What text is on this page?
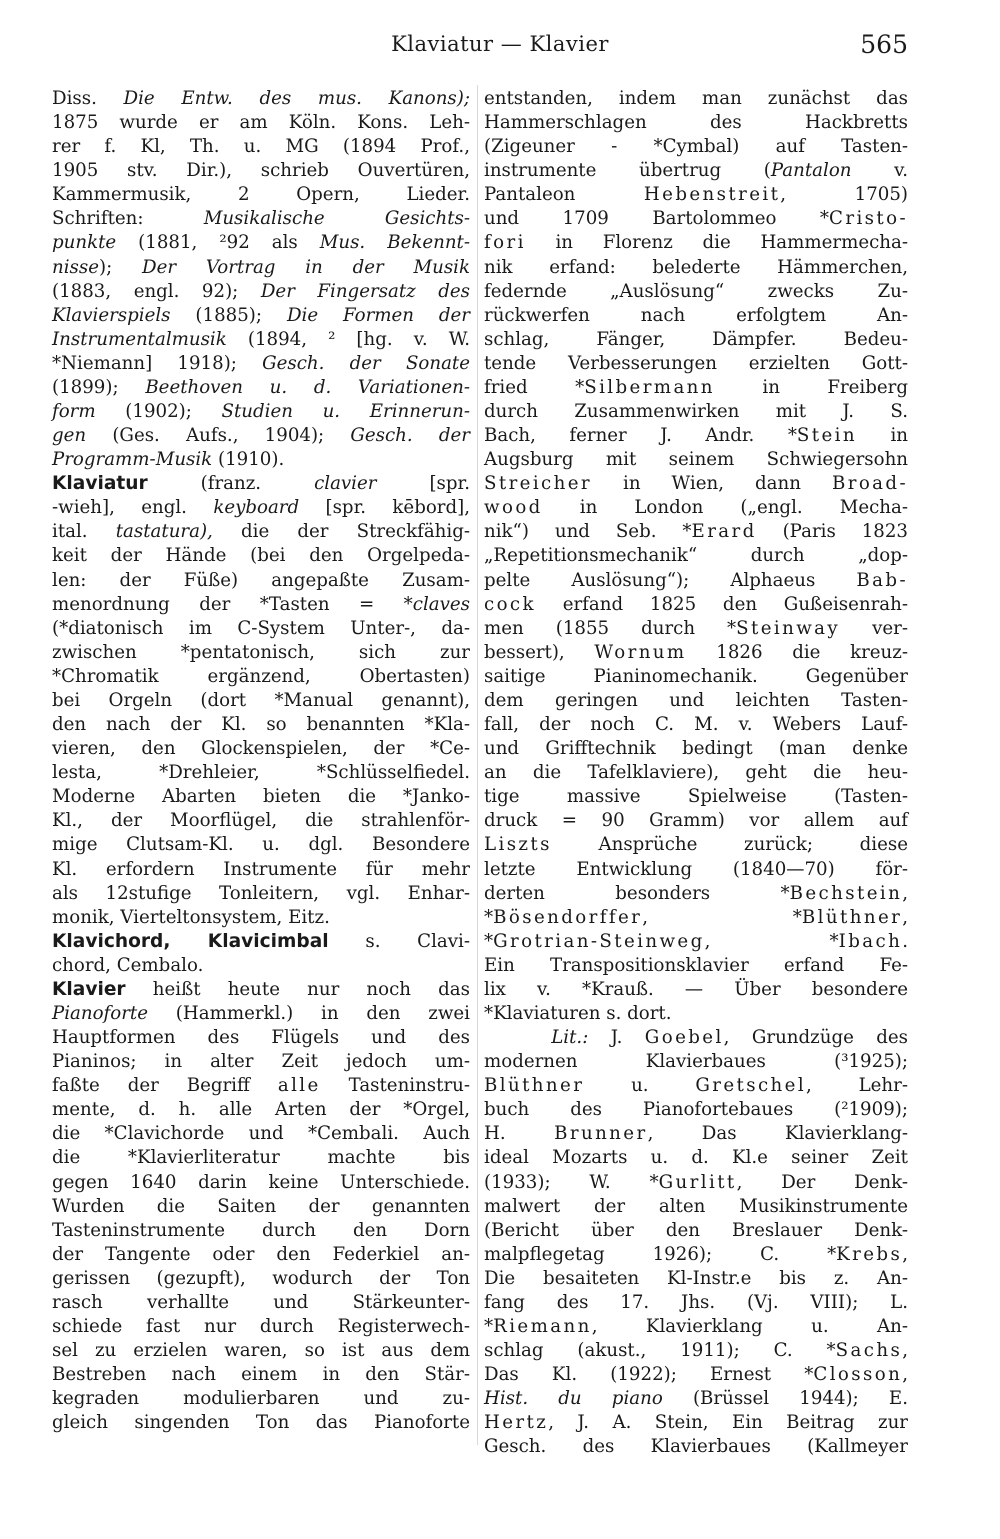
Klaviatur — Klavier	565
Diss. Die Entw. des mus. Kanons);
1875 wurde er am Köln. Kons. Leh-
rer f. Kl, Th. u. MG (1894 Prof.,
1905 stv. Dir.), schrieb Ouvertüren,
Kammermusik, 2 Opern, Lieder.
Schriften: Musikalische Gesichts-
punkte (1881, ²92 als Mus. Bekennt-
nisse); Der Vortrag in der Musik
(1883, engl. 92); Der Fingersatz des
Klavierspiels (1885); Die Formen der
Instrumentalmusik (1894, ² [hg. v. W.
*Niemann] 1918); Gesch. der Sonate
(1899); Beethoven u. d. Variationen-
form (1902); Studien u. Erinnerun-
gen (Ges. Aufs., 1904); Gesch. der
Programm-Musik (1910).
Klaviatur (franz. clavier [spr.
-wieh], engl. keyboard [spr. kēbord],
ital. tastatura), die der Streckfähig-
keit der Hände (bei den Orgelpeda-
len: der Füße) angepaßte Zusam-
menordnung der *Tasten = *claves
(*diatonisch im C-System Unter-, da-
zwischen *pentatonisch, sich zur
*Chromatik ergänzend, Obertasten)
bei Orgeln (dort *Manual genannt),
den nach der Kl. so benannten *Kla-
vieren, den Glockenspielen, der *Ce-
lesta, *Drehleier, *Schlüsselfiedel.
Moderne Abarten bieten die *Janko-
Kl., der Moorflügel, die strahlenför-
mige Clutsam-Kl. u. dgl. Besondere
Kl. erfordern Instrumente für mehr
als 12stufige Tonleitern, vgl. Enhar-
monik, Vierteltonsystem, Eitz.
Klavichord, Klavicimbal s. Clavi-
chord, Cembalo.
Klavier heißt heute nur noch das
Pianoforte (Hammerkl.) in den zwei
Hauptformen des Flügels und des
Pianinos; in alter Zeit jedoch um-
faßte der Begriff alle Tasteninstru-
mente, d. h. alle Arten der *Orgel,
die *Clavichorde und *Cembali. Auch
die *Klavierliteratur machte bis
gegen 1640 darin keine Unterschiede.
Wurden die Saiten der genannten
Tasteninstrumente durch den Dorn
der Tangente oder den Federkiel an-
gerissen (gezupft), wodurch der Ton
rasch verhallte und Stärkeunter-
schiede fast nur durch Registerwech-
sel zu erzielen waren, so ist aus dem
Bestreben nach einem in den Stär-
kegraden modulierbaren und zu-
gleich singenden Ton das Pianoforte
entstanden, indem man zunächst das
Hammerschlagen des Hackbretts
(Zigeuner - *Cymbal) auf Tasten-
instrumente übertrug (Pantalon v.
Pantaleon Hebenstreit, 1705)
und 1709 Bartolommeo *Cristo-
fori in Florenz die Hammermecha-
nik erfand: belederte Hämmerchen,
federnde „Auslösung“ zwecks Zu-
rückwerfen nach erfolgtem An-
schlag, Fänger, Dämpfer. Bedeu-
tende Verbesserungen erzielten Gott-
fried *Silbermann in Freiberg
durch Zusammenwirken mit J. S.
Bach, ferner J. Andr. *Stein in
Augsburg mit seinem Schwiegersohn
Streicher in Wien, dann Broad-
wood in London („engl. Mecha-
nik“) und Seb. *Erard (Paris 1823
„Repetitionsmechanik“ durch „dop-
pelte Auslösung“); Alphaeus Bab-
cock erfand 1825 den Gußeisenrah-
men (1855 durch *Steinway ver-
bessert), Wornum 1826 die kreuz-
saitige Pianinomechanik. Gegenüber
dem geringen und leichten Tasten-
fall, der noch C. M. v. Webers Lauf-
und Grifftechnik bedingt (man denke
an die Tafelklaviere), geht die heu-
tige massive Spielweise (Tasten-
druck = 90 Gramm) vor allem auf
Liszts Ansprüche zurück; diese
letzte Entwicklung (1840—70) för-
derten besonders *Bechstein,
*Bösendorffer, *Blüthner,
*Grotrian-Steinweg, *Ibach.
Ein Transpositionsklavier erfand Fe-
lix v. *Krauß. — Über besondere
*Klaviaturen s. dort.
Lit.: J. Goebel, Grundzüge des
modernen Klavierbaues (³1925);
Blüthner u. Gretschel, Lehr-
buch des Pianofortebaues (²1909);
H. Brunner, Das Klavierklang-
ideal Mozarts u. d. Kl.e seiner Zeit
(1933); W. *Gurlitt, Der Denk-
malwert der alten Musikinstrumente
(Bericht über den Breslauer Denk-
malpflegetag 1926); C. *Krebs,
Die besaiteten Kl-Instr.e bis z. An-
fang des 17. Jhs. (Vj. VIII); L.
*Riemann, Klavierklang u. An-
schlag (akust., 1911); C. *Sachs,
Das Kl. (1922); Ernest *Closson,
Hist. du piano (Brüssel 1944); E.
Hertz, J. A. Stein, Ein Beitrag zur
Gesch. des Klavierbaues (Kallmeyer
